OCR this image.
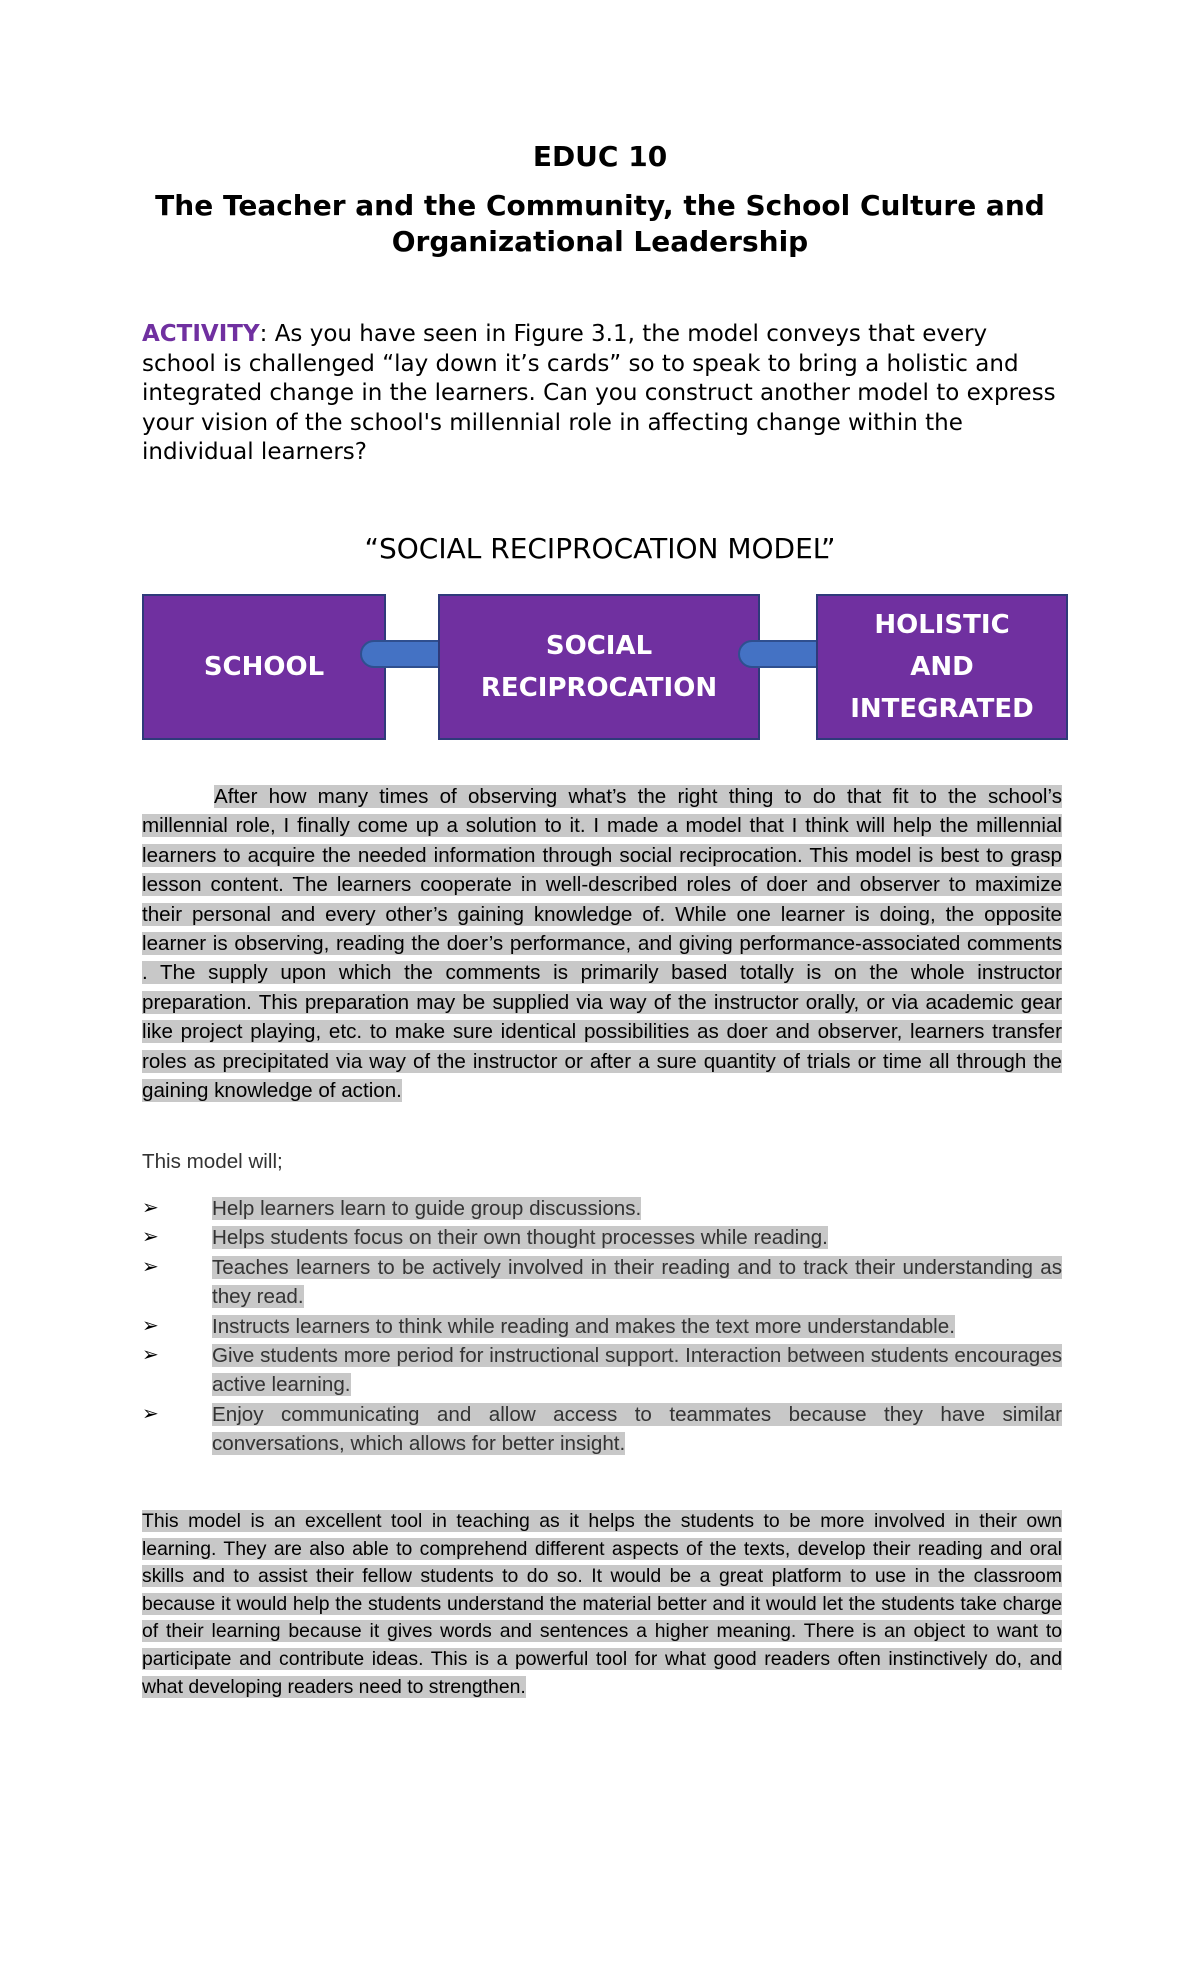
EDUC 10
The Teacher and the Community, the School Culture and Organizational Leadership
ACTIVITY: As you have seen in Figure 3.1, the model conveys that every school is challenged “lay down it’s cards” so to speak to bring a holistic and integrated change in the learners. Can you construct another model to express your vision of the school's millennial role in affecting change within the individual learners?
“SOCIAL RECIPROCATION MODEL”
SCHOOL
SOCIAL RECIPROCATION
HOLISTIC AND INTEGRATED
After how many times of observing what’s the right thing to do that fit to the school’s millennial role, I finally come up a solution to it. I made a model that I think will help the millennial learners to acquire the needed information through social reciprocation. This model is best to grasp lesson content. The learners cooperate in well-described roles of doer and observer to maximize their personal and every other’s gaining knowledge of. While one learner is doing, the opposite learner is observing, reading the doer’s performance, and giving performance-associated comments . The supply upon which the comments is primarily based totally is on the whole instructor preparation. This preparation may be supplied via way of the instructor orally, or via academic gear like project playing, etc. to make sure identical possibilities as doer and observer, learners transfer roles as precipitated via way of the instructor or after a sure quantity of trials or time all through the gaining knowledge of action.
This model will;
➢	Help learners learn to guide group discussions.
➢	Helps students focus on their own thought processes while reading.
➢	Teaches learners to be actively involved in their reading and to track their understanding as they read.
➢	Instructs learners to think while reading and makes the text more understandable.
➢	Give students more period for instructional support. Interaction between students encourages active learning.
➢	Enjoy communicating and allow access to teammates because they have similar conversations, which allows for better insight.
This model is an excellent tool in teaching as it helps the students to be more involved in their own learning. They are also able to comprehend different aspects of the texts, develop their reading and oral skills and to assist their fellow students to do so. It would be a great platform to use in the classroom because it would help the students understand the material better and it would let the students take charge of their learning because it gives words and sentences a higher meaning. There is an object to want to participate and contribute ideas. This is a powerful tool for what good readers often instinctively do, and what developing readers need to strengthen.
